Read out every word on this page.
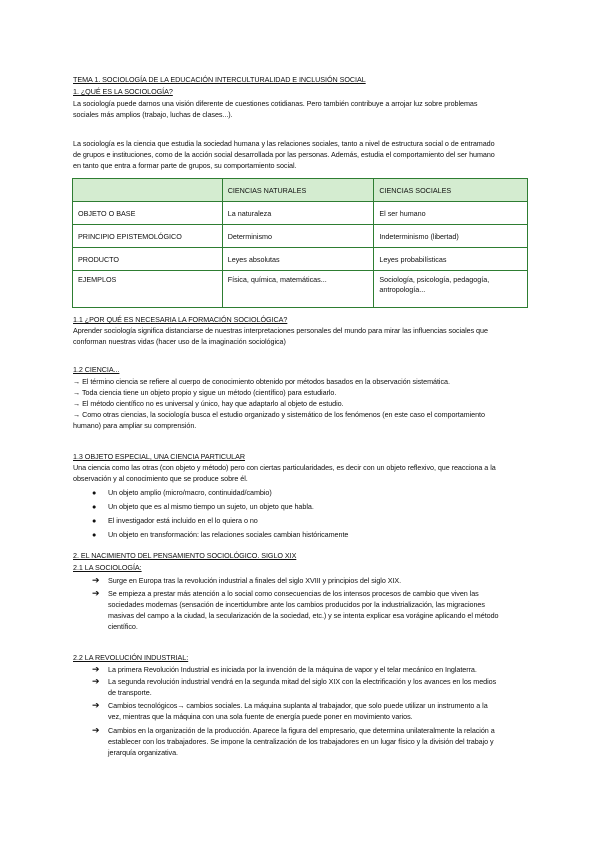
TEMA 1. SOCIOLOGÍA DE LA EDUCACIÓN INTERCULTURALIDAD E INCLUSIÓN SOCIAL
1. ¿QUÉ ES LA SOCIOLOGÍA?
La sociología puede darnos una visión diferente de cuestiones cotidianas. Pero también contribuye a arrojar luz sobre problemas
sociales más amplios (trabajo, luchas de clases...).
La sociología es la ciencia que estudia la sociedad humana y las relaciones sociales, tanto a nivel de estructura social o de entramado
de grupos e instituciones, como de la acción social desarrollada por las personas. Además, estudia el comportamiento del ser humano
en tanto que entra a formar parte de grupos, su comportamiento social.
	CIENCIAS NATURALES	CIENCIAS SOCIALES
OBJETO O BASE	La naturaleza	El ser humano
PRINCIPIO EPISTEMOLÓGICO	Determinismo	Indeterminismo (libertad)
PRODUCTO	Leyes absolutas	Leyes probabilísticas
EJEMPLOS	Física, química, matemáticas...	Sociología, psicología, pedagogía, antropología...
1.1 ¿POR QUÉ ES NECESARIA LA FORMACIÓN SOCIOLÓGICA?
Aprender sociología significa distanciarse de nuestras interpretaciones personales del mundo para mirar las influencias sociales que
conforman nuestras vidas (hacer uso de la imaginación sociológica)
1.2 CIENCIA...
→ El término ciencia se refiere al cuerpo de conocimiento obtenido por métodos basados en la observación sistemática.
→ Toda ciencia tiene un objeto propio y sigue un método (científico) para estudiarlo.
→ El método científico no es universal y único, hay que adaptarlo al objeto de estudio.
→ Como otras ciencias, la sociología busca el estudio organizado y sistemático de los fenómenos (en este caso el comportamiento
humano) para ampliar su comprensión.
1.3 OBJETO ESPECIAL, UNA CIENCIA PARTICULAR
Una ciencia como las otras (con objeto y método) pero con ciertas particularidades, es decir con un objeto reflexivo, que reacciona a la
observación y al conocimiento que se produce sobre él.
● Un objeto amplio (micro/macro, continuidad/cambio)
● Un objeto que es al mismo tiempo un sujeto, un objeto que habla.
● El investigador está incluido en el lo quiera o no
● Un objeto en transformación: las relaciones sociales cambian históricamente
2. EL NACIMIENTO DEL PENSAMIENTO SOCIOLÓGICO. SIGLO XIX
2.1 LA SOCIOLOGÍA:
➔ Surge en Europa tras la revolución industrial a finales del siglo XVIII y principios del siglo XIX.
➔ Se empieza a prestar más atención a lo social como consecuencias de los intensos procesos de cambio que viven las
sociedades modernas (sensación de incertidumbre ante los cambios producidos por la industrialización, las migraciones
masivas del campo a la ciudad, la secularización de la sociedad, etc.) y se intenta explicar esa vorágine aplicando el método
científico.
2.2 LA REVOLUCIÓN INDUSTRIAL:
➔ La primera Revolución Industrial es iniciada por la invención de la máquina de vapor y el telar mecánico en Inglaterra.
➔ La segunda revolución industrial vendrá en la segunda mitad del siglo XIX con la electrificación y los avances en los medios
de transporte.
➔ Cambios tecnológicos→ cambios sociales. La máquina suplanta al trabajador, que solo puede utilizar un instrumento a la
vez, mientras que la máquina con una sola fuente de energía puede poner en movimiento varios.
➔ Cambios en la organización de la producción. Aparece la figura del empresario, que determina unilateralmente la relación a
establecer con los trabajadores. Se impone la centralización de los trabajadores en un lugar físico y la división del trabajo y
jerarquía organizativa.
